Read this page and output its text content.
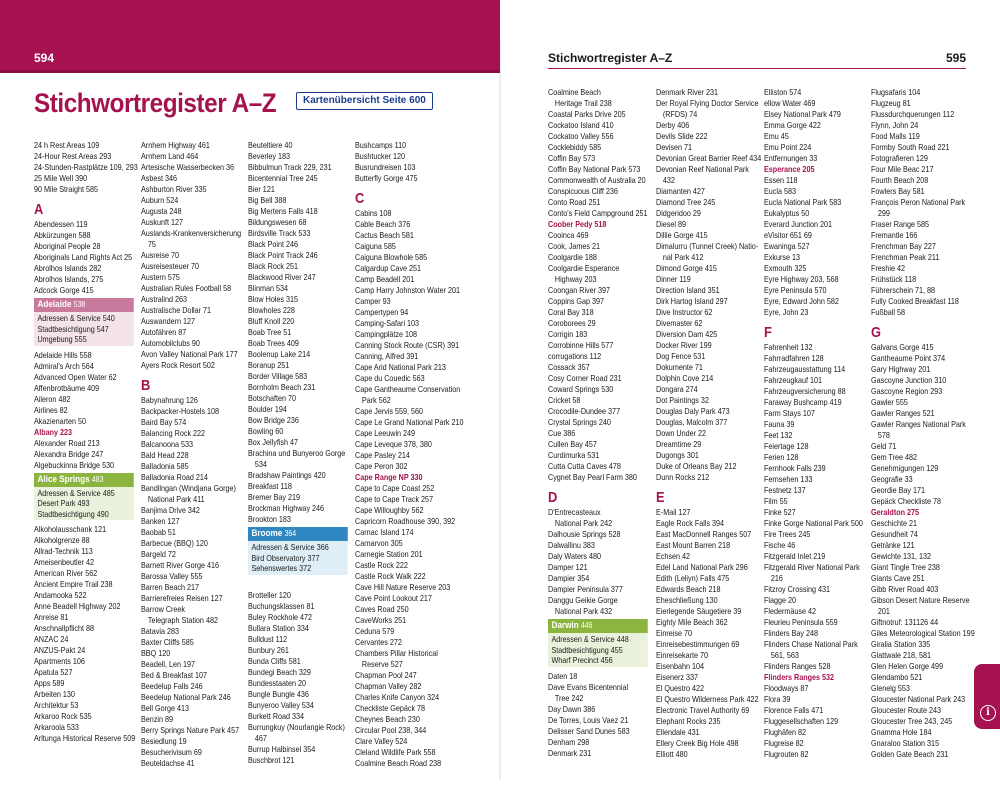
594	Stichwortregister A–Z	595
Stichwortregister A–Z	Kartenübersicht Seite 600
24 h Rest Areas 109
24-Hour Rest Areas 293
24-Stunden-Rastplätze 109, 293
25 Mile Well 390
90 Mile Straight 585
A
Abendessen 119
Abkürzungen 588
Aboriginal People 28
Aboriginals Land Rights Act 25
Abrolhos Islands 282
Abrolhos Islands, 275
Adcock Gorge 415
Adelaide 538
Adressen & Service 540
Stadtbesichtigung 547
Umgebung 555
Adelaide Hills 558
Admiral's Arch 564
Advanced Open Water 62
Affenbrotbäume 409
Aileron 482
Airlines 82
Akazienarten 50
Albany 223
Alexander Road 213
Alexandra Bridge 247
Algebuckinna Bridge 530
Alice Springs 483
Adressen & Service 485
Desert Park 493
Stadtbesichtigung 490
Alkoholausschank 121
Alkoholgrenze 88
Allrad-Technik 113
Ameisenbeutler 42
American River 562
Ancient Empire Trail 238
Andamooka 522
Anne Beadell Highway 202
Anreise 81
Anschnallpflicht 88
ANZAC 24
ANZUS-Pakt 24
Apartments 106
Apatula 527
Apps 589
Arbeiten 130
Architektur 53
Arkaroo Rock 535
Arkaroola 533
Arltunga Historical Reserve 509
Arnhem Highway 461
Arnhem Land 464
Artesische Wasserbecken 36
Asbest 346
Ashburton River 335
Auburn 524
Augusta 248
Auskunft 127
Auslands-Krankenversicherung
75
Ausreise 70
Ausreisesteuer 70
Austern 575
Australian Rules Football 58
Australind 263
Australische Dollar 71
Auswandern 127
Autofähren 87
Automobilclubs 90
Avon Valley National Park 177
Ayers Rock Resort 502
B
Babynahrung 126
Backpacker-Hostels 108
Baird Bay 574
Balancing Rock 222
Balcanoona 533
Bald Head 228
Balladonia 585
Balladonia Road 214
Bandilngan (Windjana Gorge)
National Park 411
Banjima Drive 342
Banken 127
Baobab 51
Barbecue (BBQ) 120
Bargeld 72
Barnett River Gorge 416
Barossa Valley 555
Barren Beach 217
Barrierefreies Reisen 127
Barrow Creek
Telegraph Station 482
Batavia 283
Baxter Cliffs 585
BBQ 120
Beadell, Len 197
Bed & Breakfast 107
Beedelup Falls 246
Beedelup National Park 246
Bell Gorge 413
Benzin 89
Berry Springs Nature Park 457
Besiedlung 19
Besucherivisum 69
Beuteldachse 41
Beuteltiere 40
Beverley 183
Bibbulmun Track 229, 231
Bicentennial Tree 245
Bier 121
Big Bell 388
Big Mertens Falls 418
Bildungswesen 68
Birdsville Track 533
Black Point 246
Black Point Track 246
Black Rock 251
Blackwood River 247
Blinman 534
Blow Holes 315
Blowholes 228
Bluff Knoll 220
Boab Tree 51
Boab Trees 409
Boolenup Lake 214
Boranup 251
Border Village 583
Bornholm Beach 231
Botschaften 70
Boulder 194
Bow Bridge 236
Bowling 60
Box Jellyfish 47
Brachina und Bunyeroo Gorge
534
Bradshaw Paintings 420
Breakfast 118
Bremer Bay 219
Brockman Highway 246
Brookton 183
Broome 364
Adressen & Service 366
Bird Observatory 377
Sehenswertes 372
Brotteller 120
Buchungsklassen 81
Buley Rockhole 472
Bullara Station 334
Bulldust 112
Bunbury 261
Bunda Cliffs 581
Bundegi Beach 329
Bundesstaaten 20
Bungle Bungle 436
Bunyeroo Valley 534
Burkett Road 334
Burrungkuy (Nourlangie Rock)
467
Burrup Halbinsel 354
Buschbrot 121
Bushcamps 110
Bushtucker 120
Busrundreisen 103
Butterfly Gorge 475
C
Cabins 108
Cable Beach 376
Cactus Beach 581
Caiguna 585
Caiguna Blowhole 585
Calgardup Cave 251
Camp Beadell 201
Camp Harry Johnston Water 201
Camper 93
Campertypen 94
Camping-Safari 103
Campingplätze 108
Canning Stock Route (CSR) 391
Canning, Alfred 391
Cape Arid National Park 213
Cape du Couedic 563
Cape Gantheaume Conservation
Park 562
Cape Jervis 559, 560
Cape Le Grand National Park 210
Cape Leeuwin 249
Cape Leveque 378, 380
Cape Pasley 214
Cape Peron 302
Cape Range NP 330
Cape to Cape Coast 252
Cape to Cape Track 257
Cape Willoughby 562
Capricorn Roadhouse 390, 392
Carnac Island 174
Carnarvon 305
Carnegie Station 201
Castle Rock 222
Castle Rock Walk 222
Cave Hill Nature Reserve 203
Cave Point Lookout 217
Caves Road 250
CaveWorks 251
Ceduna 579
Cervantes 272
Chambers Pillar Historical
Reserve 527
Chapman Pool 247
Chapman Valley 282
Charles Knife Canyon 324
Checkliste Gepäck 78
Cheynes Beach 230
Circular Pool 238, 344
Clare Valley 524
Cleland Wildlife Park 558
Coalmine Beach Road 238
Coalmine Beach
Heritage Trail 238
Coastal Parks Drive 205
Cockatoo Island 410
Cockatoo Valley 556
Cocklebiddy 585
Coffin Bay 573
Coffin Bay National Park 573
Commonwealth of Australia 20
Conspicuous Cliff 236
Conto Road 251
Conto's Field Campground 251
Coober Pedy 518
Cooinca 469
Cook, James 21
Coolgardie 188
Coolgardie Esperance
Highway 203
Coongan River 397
Coppins Gap 397
Coral Bay 318
Coroborees 29
Corrigin 183
Corrobinne Hills 577
corrugations 112
Cossack 357
Cosy Corner Road 231
Coward Springs 530
Cricket 58
Crocodile-Dundee 377
Crystal Springs 240
Cue 386
Cullen Bay 457
Curdimurka 531
Cutta Cutta Caves 478
Cygnet Bay Pearl Farm 380
D
D'Entrecasteaux
National Park 242
Dalhousie Springs 528
Dalwallinu 383
Daly Waters 480
Damper 121
Dampier 354
Dampier Peninsula 377
Danggu Geikie Gorge
National Park 432
Darwin 446
Adressen & Service 448
Stadtbesichtigung 455
Wharf Precinct 456
Daten 18
Dave Evans Bicentennial
Tree 242
Day Dawn 386
De Torres, Louis Vaez 21
Delisser Sand Dunes 583
Denham 298
Denmark 231
Denmark River 231
Der Royal Flying Doctor Service
(RFDS) 74
Derby 406
Devils Slide 222
Devisen 71
Devonian Great Barrier Reef 434
Devonian Reef National Park
432
Diamanten 427
Diamond Tree 245
Didgeridoo 29
Diesel 89
Dillie Gorge 415
Dimalurru (Tunnel Creek) Natio-
nal Park 412
Dimond Gorge 415
Dinner 119
Direction Island 351
Dirk Hartog Island 297
Dive Instructor 62
Divemaster 62
Diversion Dam 425
Docker River 199
Dog Fence 531
Dokumente 71
Dolphin Cove 214
Dongara 274
Dot Paintings 32
Douglas Daly Park 473
Douglas, Malcolm 377
Down Under 22
Dreamtime 29
Dugongs 301
Duke of Orleans Bay 212
Dunn Rocks 212
E
E-Mail 127
Eagle Rock Falls 394
East MacDonnell Ranges 507
East Mount Barren 218
Echsen 42
Edel Land National Park 296
Edith (Leliyn) Falls 475
Edwards Beach 218
Eheschließung 130
Eierlegende Säugetiere 39
Eighty Mile Beach 362
Einreise 70
Einreisebestimmungen 69
Einreisekarte 70
Eisenbahn 104
Eisenerz 337
El Questro 422
El Questro Wilderness Park 422
Electronic Travel Authority 69
Elephant Rocks 235
Ellendale 431
Ellery Creek Big Hole 498
Elliott 480
Elliston 574
ellow Water 469
Elsey National Park 479
Emma Gorge 422
Emu 45
Emu Point 224
Entfernungen 33
Esperance 205
Essen 118
Eucla 583
Eucla National Park 583
Eukalyptus 50
Everard Junction 201
eVisitor 651 69
Ewaninga 527
Exkurse 13
Exmouth 325
Eyre Highway 203, 568
Eyre Peninsula 570
Eyre, Edward John 582
Eyre, John 23
F
Fahrenheit 132
Fahrradfahren 128
Fahrzeugausstattung 114
Fahrzeugkauf 101
Fahrzeugversicherung 88
Faraway Bushcamp 419
Farm Stays 107
Fauna 39
Feet 132
Feiertage 128
Ferien 128
Fernhook Falls 239
Fernsehen 133
Festnetz 137
Film 55
Finke 527
Finke Gorge National Park 500
Fire Trees 245
Fische 46
Fitzgerald Inlet 219
Fitzgerald River National Park
216
Fitzroy Crossing 431
Flagge 20
Fledermäuse 42
Fleurieu Peninsula 559
Flinders Bay 248
Flinders Chase National Park
561, 563
Flinders Ranges 528
Flinders Ranges 532
Floodways 87
Flora 39
Florence Falls 471
Fluggesellschaften 129
Flughäfen 82
Flugreise 82
Flugrouten 82
Flugsafaris 104
Flugzeug 81
Flussdurchquerungen 112
Flynn, John 24
Food Malls 119
Formby South Road 221
Fotografieren 129
Four Mile Beac 217
Fourth Beach 208
Fowlers Bay 581
François Peron National Park
299
Fraser Range 585
Fremantle 166
Frenchman Bay 227
Frenchman Peak 211
Freshie 42
Frühstück 118
Führerschein 71, 88
Fully Cooked Breakfast 118
Fußball 58
G
Galvans Gorge 415
Gantheaume Point 374
Gary Highway 201
Gascoyne Junction 310
Gascoyne Region 293
Gawler 555
Gawler Ranges 521
Gawler Ranges National Park
578
Geld 71
Gem Tree 482
Genehmigungen 129
Geografie 33
Geordie Bay 171
Gepäck Checkliste 78
Geraldton 275
Geschichte 21
Gesundheit 74
Getränke 121
Gewichte 131, 132
Giant Tingle Tree 238
Giants Cave 251
Gibb River Road 403
Gibson Desert Nature Reserve
201
Giftnotruf: 131126 44
Giles Meteorological Station 199
Giralia Station 335
Glattwale 218, 581
Glen Helen Gorge 499
Glendambo 521
Glenelg 553
Gloucester National Park 243
Gloucester Route 243
Gloucester Tree 243, 245
Gnamma Hole 184
Gnaraloo Station 315
Golden Gate Beach 231
i
